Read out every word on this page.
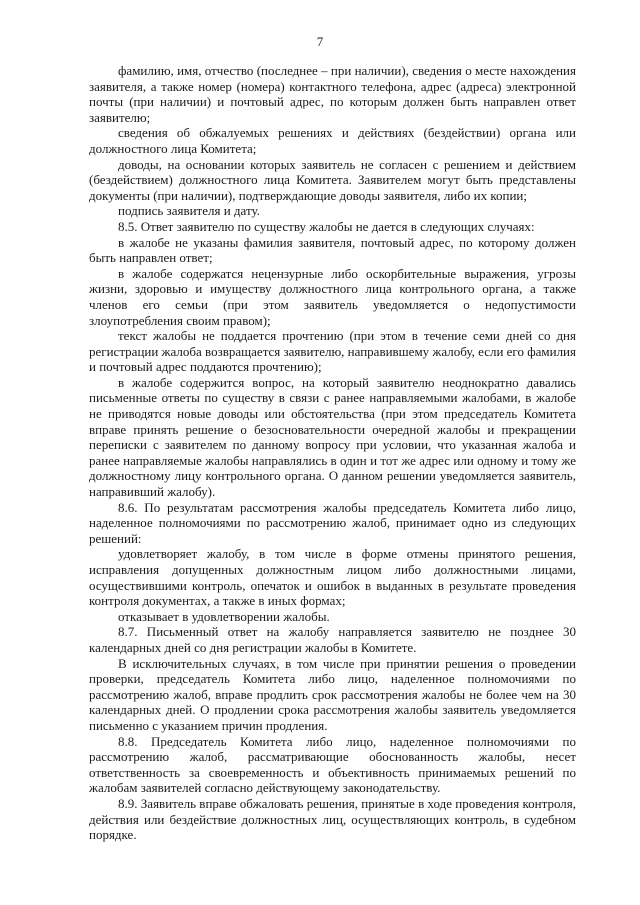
7

фамилию, имя, отчество (последнее – при наличии), сведения о месте нахождения заявителя, а также номер (номера) контактного телефона, адрес (адреса) электронной почты (при наличии) и почтовый адрес, по которым должен быть направлен ответ заявителю;

сведения об обжалуемых решениях и действиях (бездействии) органа или должностного лица Комитета;

доводы, на основании которых заявитель не согласен с решением и действием (бездействием) должностного лица Комитета. Заявителем могут быть представлены документы (при наличии), подтверждающие доводы заявителя, либо их копии;

подпись заявителя и дату.

8.5. Ответ заявителю по существу жалобы не дается в следующих случаях:

в жалобе не указаны фамилия заявителя, почтовый адрес, по которому должен быть направлен ответ;

в жалобе содержатся нецензурные либо оскорбительные выражения, угрозы жизни, здоровью и имуществу должностного лица контрольного органа, а также членов его семьи (при этом заявитель уведомляется о недопустимости злоупотребления своим правом);

текст жалобы не поддается прочтению (при этом в течение семи дней со дня регистрации жалоба возвращается заявителю, направившему жалобу, если его фамилия и почтовый адрес поддаются прочтению);

в жалобе содержится вопрос, на который заявителю неоднократно давались письменные ответы по существу в связи с ранее направляемыми жалобами, в жалобе не приводятся новые доводы или обстоятельства (при этом председатель Комитета вправе принять решение о безосновательности очередной жалобы и прекращении переписки с заявителем по данному вопросу при условии, что указанная жалоба и ранее направляемые жалобы направлялись в один и тот же адрес или одному и тому же должностному лицу контрольного органа. О данном решении уведомляется заявитель, направивший жалобу).

8.6. По результатам рассмотрения жалобы председатель Комитета либо лицо, наделенное полномочиями по рассмотрению жалоб, принимает одно из следующих решений:

удовлетворяет жалобу, в том числе в форме отмены принятого решения, исправления допущенных должностным лицом либо должностными лицами, осуществившими контроль, опечаток и ошибок в выданных в результате проведения контроля документах, а также в иных формах;

отказывает в удовлетворении жалобы.

8.7. Письменный ответ на жалобу направляется заявителю не позднее 30 календарных дней со дня регистрации жалобы в Комитете.

В исключительных случаях, в том числе при принятии решения о проведении проверки, председатель Комитета либо лицо, наделенное полномочиями по рассмотрению жалоб, вправе продлить срок рассмотрения жалобы не более чем на 30 календарных дней. О продлении срока рассмотрения жалобы заявитель уведомляется письменно с указанием причин продления.

8.8. Председатель Комитета либо лицо, наделенное полномочиями по рассмотрению жалоб, рассматривающие обоснованность жалобы, несет ответственность за своевременность и объективность принимаемых решений по жалобам заявителей согласно действующему законодательству.

8.9. Заявитель вправе обжаловать решения, принятые в ходе проведения контроля, действия или бездействие должностных лиц, осуществляющих контроль, в судебном порядке.
